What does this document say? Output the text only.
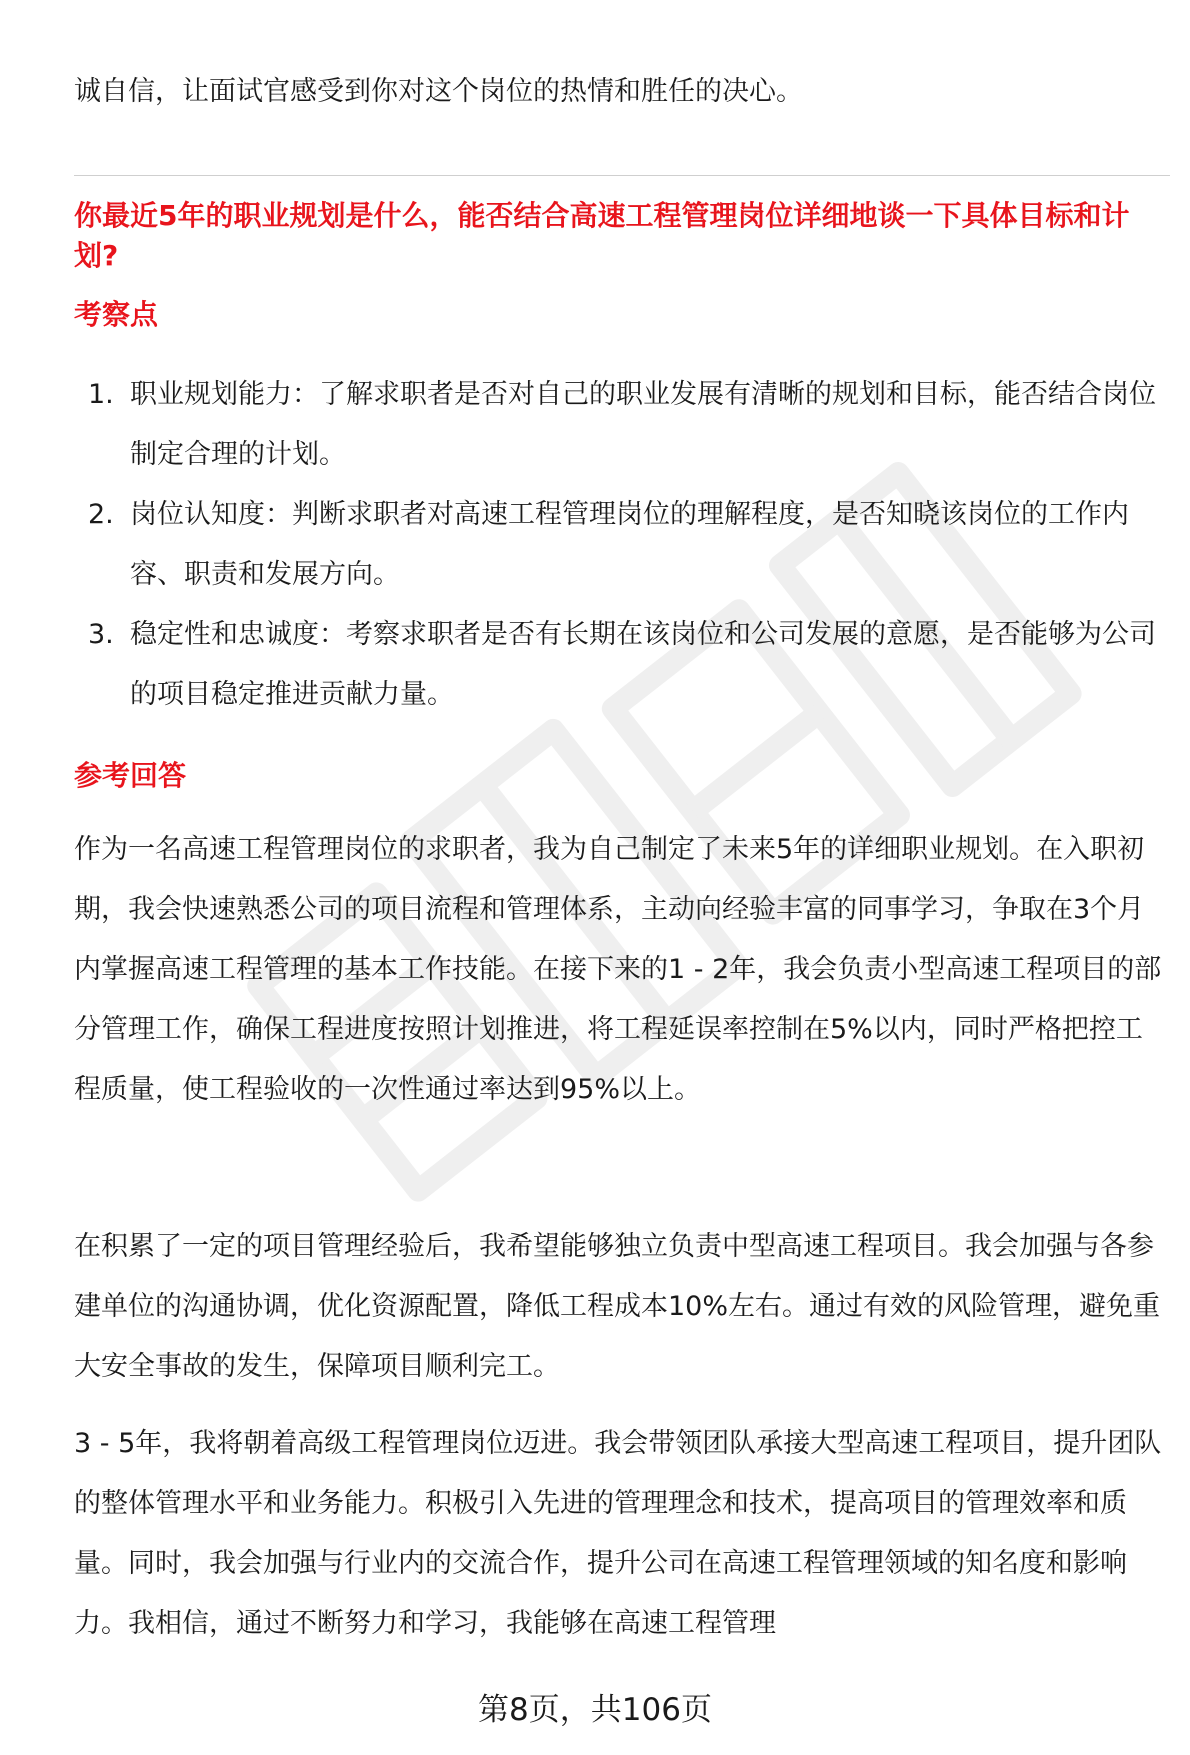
诚自信，让面试官感受到你对这个岗位的热情和胜任的决心。

你最近5年的职业规划是什么，能否结合高速工程管理岗位详细地谈一下具体目标和计划?
考察点
1. 职业规划能力：了解求职者是否对自己的职业发展有清晰的规划和目标，能否结合岗位制定合理的计划。
2. 岗位认知度：判断求职者对高速工程管理岗位的理解程度，是否知晓该岗位的工作内容、职责和发展方向。
3. 稳定性和忠诚度：考察求职者是否有长期在该岗位和公司发展的意愿，是否能够为公司的项目稳定推进贡献力量。
参考回答

作为一名高速工程管理岗位的求职者，我为自己制定了未来5年的详细职业规划。在入职初期，我会快速熟悉公司的项目流程和管理体系，主动向经验丰富的同事学习，争取在3个月内掌握高速工程管理的基本工作技能。在接下来的1 - 2年，我会负责小型高速工程项目的部分管理工作，确保工程进度按照计划推进，将工程延误率控制在5%以内，同时严格把控工程质量，使工程验收的一次性通过率达到95%以上。

在积累了一定的项目管理经验后，我希望能够独立负责中型高速工程项目。我会加强与各参建单位的沟通协调，优化资源配置，降低工程成本10%左右。通过有效的风险管理，避免重大安全事故的发生，保障项目顺利完工。

3 - 5年，我将朝着高级工程管理岗位迈进。我会带领团队承接大型高速工程项目，提升团队的整体管理水平和业务能力。积极引入先进的管理理念和技术，提高项目的管理效率和质量。同时，我会加强与行业内的交流合作，提升公司在高速工程管理领域的知名度和影响力。我相信，通过不断努力和学习，我能够在高速工程管理

第8页，共106页
